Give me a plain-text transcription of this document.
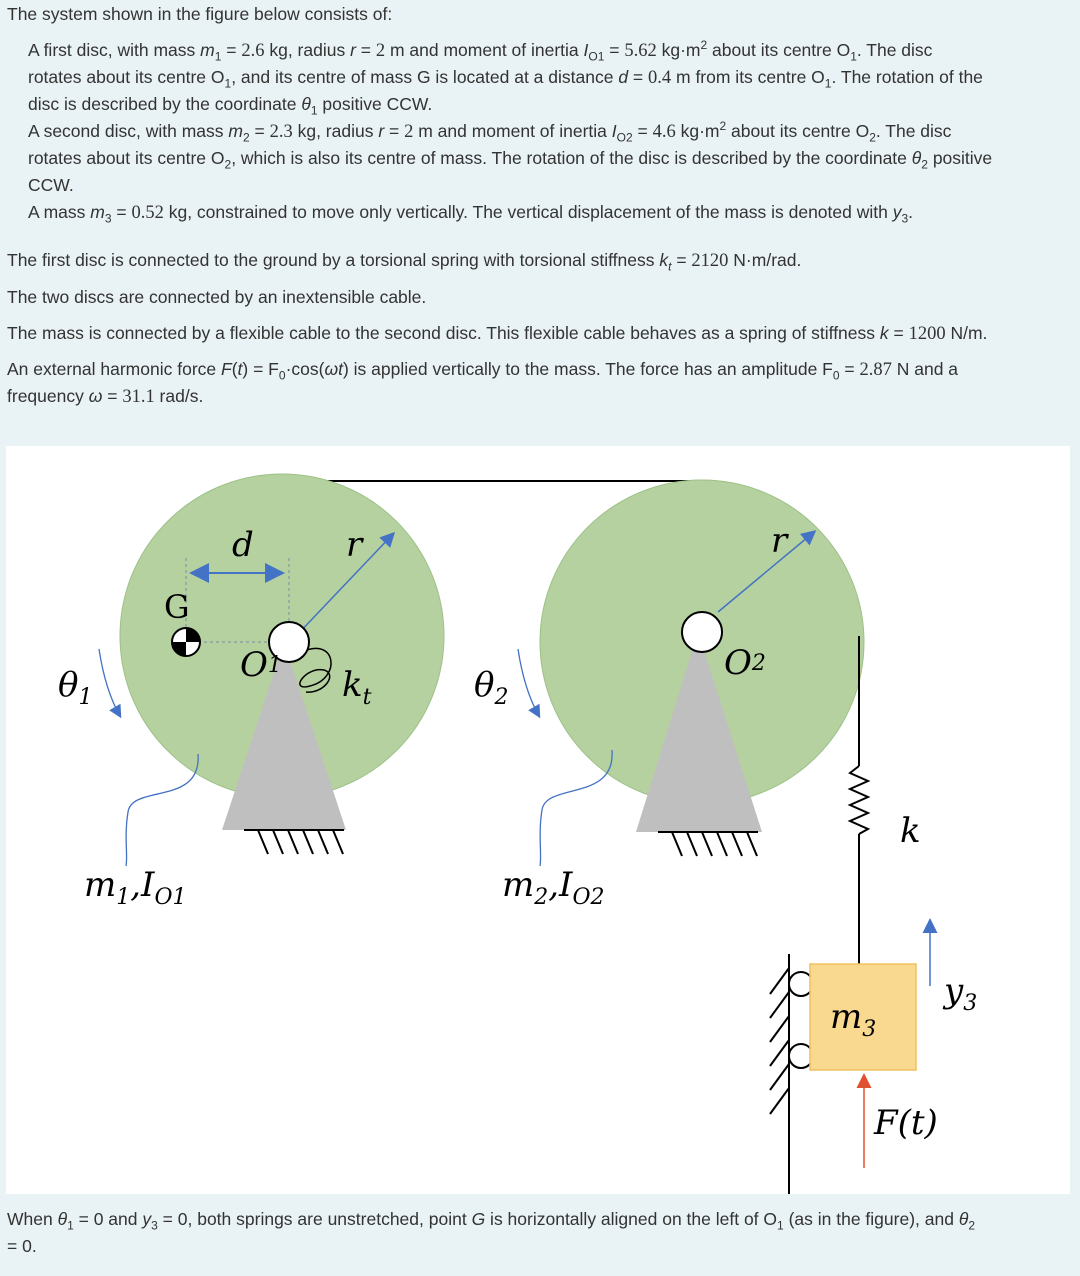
The system shown in the figure below consists of:

A first disc, with mass $m_1 = 2.6$ kg, radius r = 2 m and moment of inertia $I_{O1} = 5.62$ $kg\cdot m^2$ about its centre $O_1$. The disc

rotates about its centre $O_1$, and its centre of mass G is located at a distance d = 0.4 m from its centre $O_1$. The rotation of the

disc is described by the coordinate $\theta_1$ positive CCW.

A second disc, with mass $m_2 = 2.3$ kg, radius r = 2 m and moment of inertia $I_{O2} = 4.6$ $kg\cdot m^2$ about its centre $O_2$. The disc

rotates about its centre $O_2$, which is also its centre of mass. The rotation of the disc is described by the coordinate $\theta_2$ positive

CCW.

A mass $m_3 = 0.52$ kg, constrained to move only vertically. The vertical displacement of the mass is denoted with $y_3$.

The first disc is connected to the ground by a torsional spring with torsional stiffness $k_t = 2120$ N·m/rad.

The two discs are connected by an inextensible cable.

The mass is connected by a flexible cable to the second disc. This flexible cable behaves as a spring of stiffness k = 1200 N/m.

An external harmonic force $F(t) = F_0\cdot\cos(\omega t)$ is applied vertically to the mass. The force has an amplitude $F_0 = 2.87$ N and a

frequency ω = 31.1 rad/s.

d	r	r
G
O1 $k_t$
$\theta_1$	$\theta_2$
O2
k
$m_1,I_{O1}$	$m_2,I_{O2}$
$m_3$
$y_3$
F(t)

When $\theta_1 = 0$ and $y_3 = 0$, both springs are unstretched, point G is horizontally aligned on the left of $O_1$ (as in the figure), and $\theta_2$

= 0.
